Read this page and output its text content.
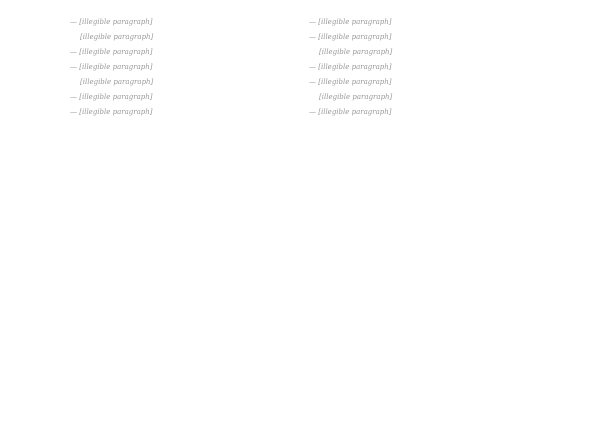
— [illegible paragraph]

[illegible paragraph]

— [illegible paragraph]

— [illegible paragraph]

[illegible paragraph]

— [illegible paragraph]

— [illegible paragraph]

— [illegible paragraph]

— [illegible paragraph]

[illegible paragraph]

— [illegible paragraph]

— [illegible paragraph]

[illegible paragraph]

— [illegible paragraph]
